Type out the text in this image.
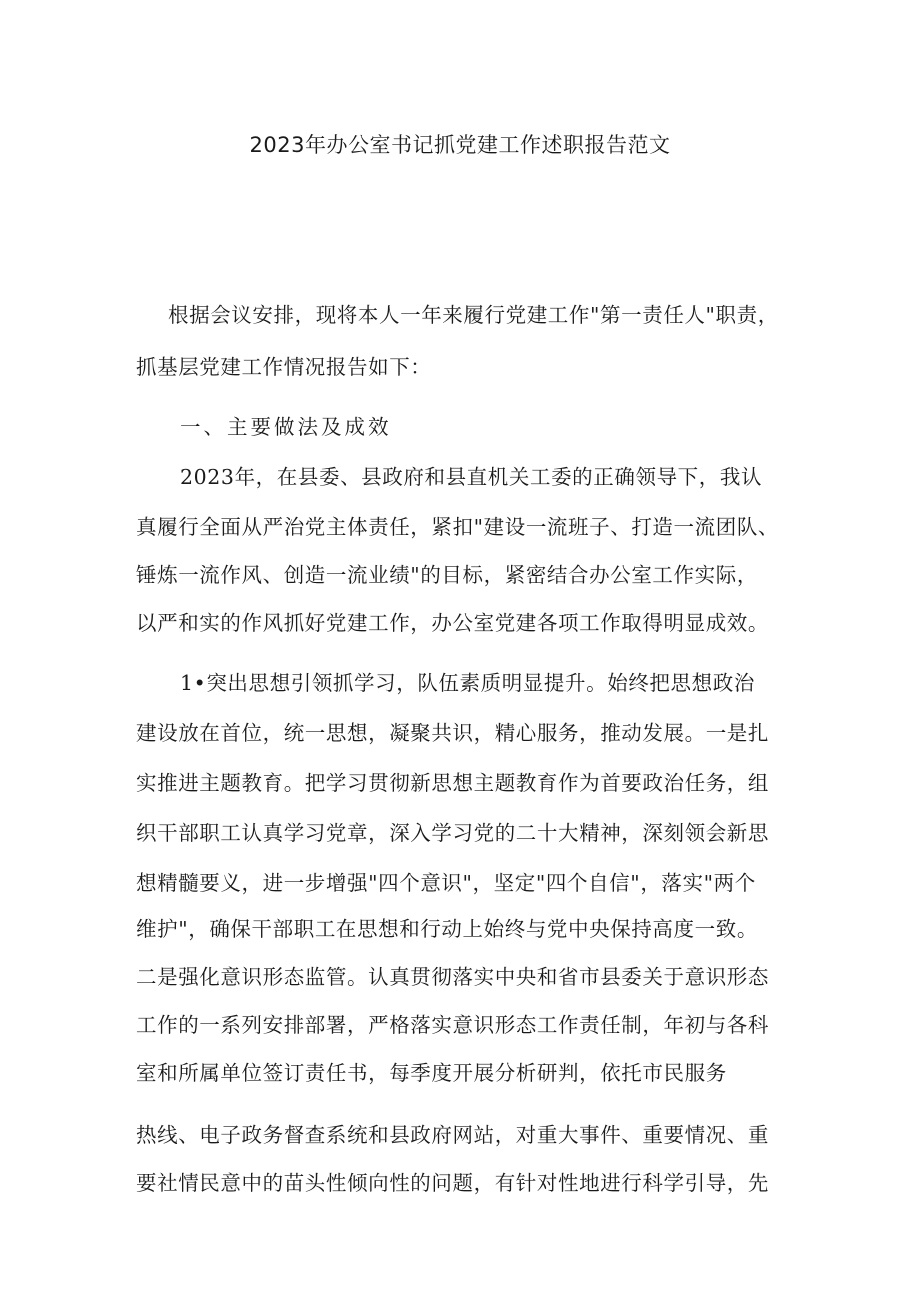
2023年办公室书记抓党建工作述职报告范文
根据会议安排，现将本人一年来履行党建工作"第一责任人"职责，
抓基层党建工作情况报告如下：
一、主要做法及成效
2023年，在县委、县政府和县直机关工委的正确领导下，我认
真履行全面从严治党主体责任，紧扣"建设一流班子、打造一流团队、
锤炼一流作风、创造一流业绩"的目标，紧密结合办公室工作实际，
以严和实的作风抓好党建工作，办公室党建各项工作取得明显成效。
1•突出思想引领抓学习，队伍素质明显提升。始终把思想政治
建设放在首位，统一思想，凝聚共识，精心服务，推动发展。一是扎
实推进主题教育。把学习贯彻新思想主题教育作为首要政治任务，组
织干部职工认真学习党章，深入学习党的二十大精神，深刻领会新思
想精髓要义，进一步增强"四个意识"，坚定"四个自信"，落实"两个
维护"，确保干部职工在思想和行动上始终与党中央保持高度一致。
二是强化意识形态监管。认真贯彻落实中央和省市县委关于意识形态
工作的一系列安排部署，严格落实意识形态工作责任制，年初与各科
室和所属单位签订责任书，每季度开展分析研判，依托市民服务
热线、电子政务督查系统和县政府网站，对重大事件、重要情况、重
要社情民意中的苗头性倾向性的问题，有针对性地进行科学引导，先
